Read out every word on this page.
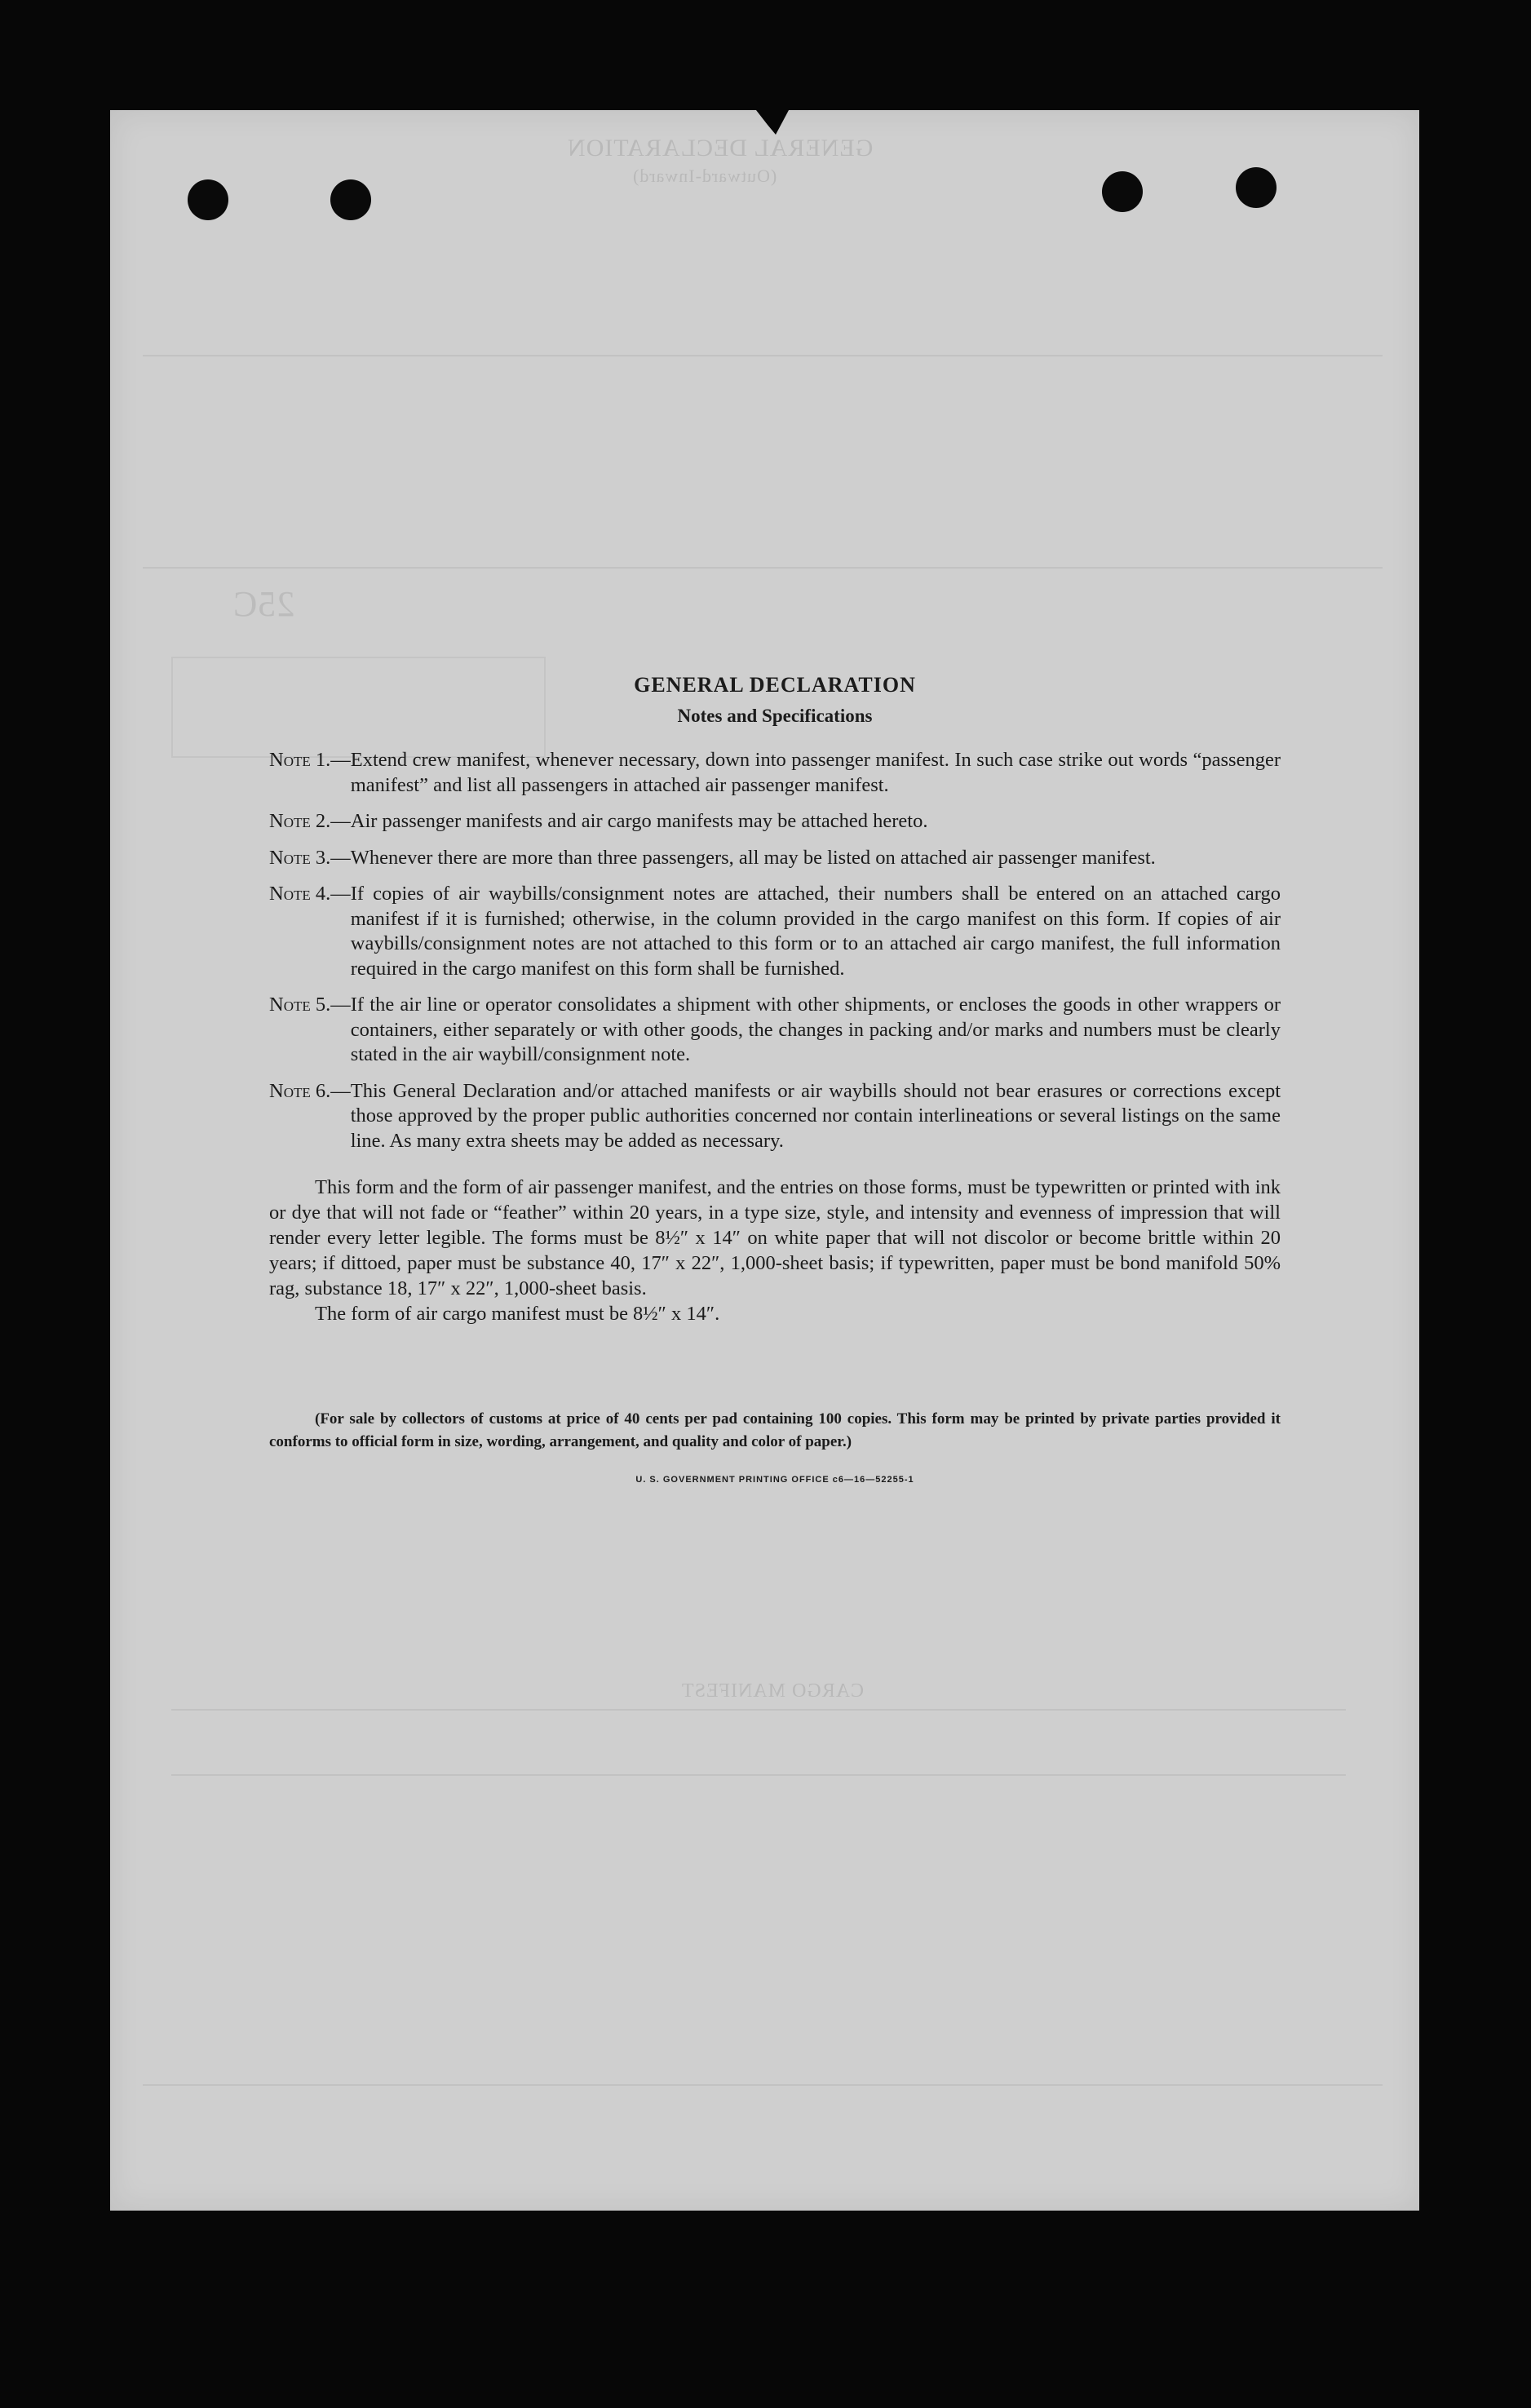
GENERAL DECLARATION
(Outward-Inward)
25C
CARGO MANIFEST

GENERAL DECLARATION

Notes and Specifications

Note 1. — Extend crew manifest, whenever necessary, down into passenger manifest. In such case strike out words “passenger manifest” and list all passengers in attached air passenger manifest.
Note 2. — Air passenger manifests and air cargo manifests may be attached hereto.
Note 3. — Whenever there are more than three passengers, all may be listed on attached air passenger manifest.
Note 4. — If copies of air waybills/consignment notes are attached, their numbers shall be entered on an attached cargo manifest if it is furnished; otherwise, in the column provided in the cargo manifest on this form. If copies of air waybills/consignment notes are not attached to this form or to an attached air cargo manifest, the full information required in the cargo manifest on this form shall be furnished.
Note 5. — If the air line or operator consolidates a shipment with other shipments, or encloses the goods in other wrappers or containers, either separately or with other goods, the changes in packing and/or marks and numbers must be clearly stated in the air waybill/consignment note.
Note 6. — This General Declaration and/or attached manifests or air waybills should not bear erasures or corrections except those approved by the proper public authorities concerned nor contain interlineations or several listings on the same line. As many extra sheets may be added as necessary.

This form and the form of air passenger manifest, and the entries on those forms, must be typewritten or printed with ink or dye that will not fade or “feather” within 20 years, in a type size, style, and intensity and evenness of impression that will render every letter legible. The forms must be 8½″ x 14″ on white paper that will not discolor or become brittle within 20 years; if dittoed, paper must be substance 40, 17″ x 22″, 1,000-sheet basis; if typewritten, paper must be bond manifold 50% rag, substance 18, 17″ x 22″, 1,000-sheet basis.

The form of air cargo manifest must be 8½″ x 14″.

(For sale by collectors of customs at price of 40 cents per pad containing 100 copies. This form may be printed by private parties provided it conforms to official form in size, wording, arrangement, and quality and color of paper.)

U. S. GOVERNMENT PRINTING OFFICE c6—16—52255-1
